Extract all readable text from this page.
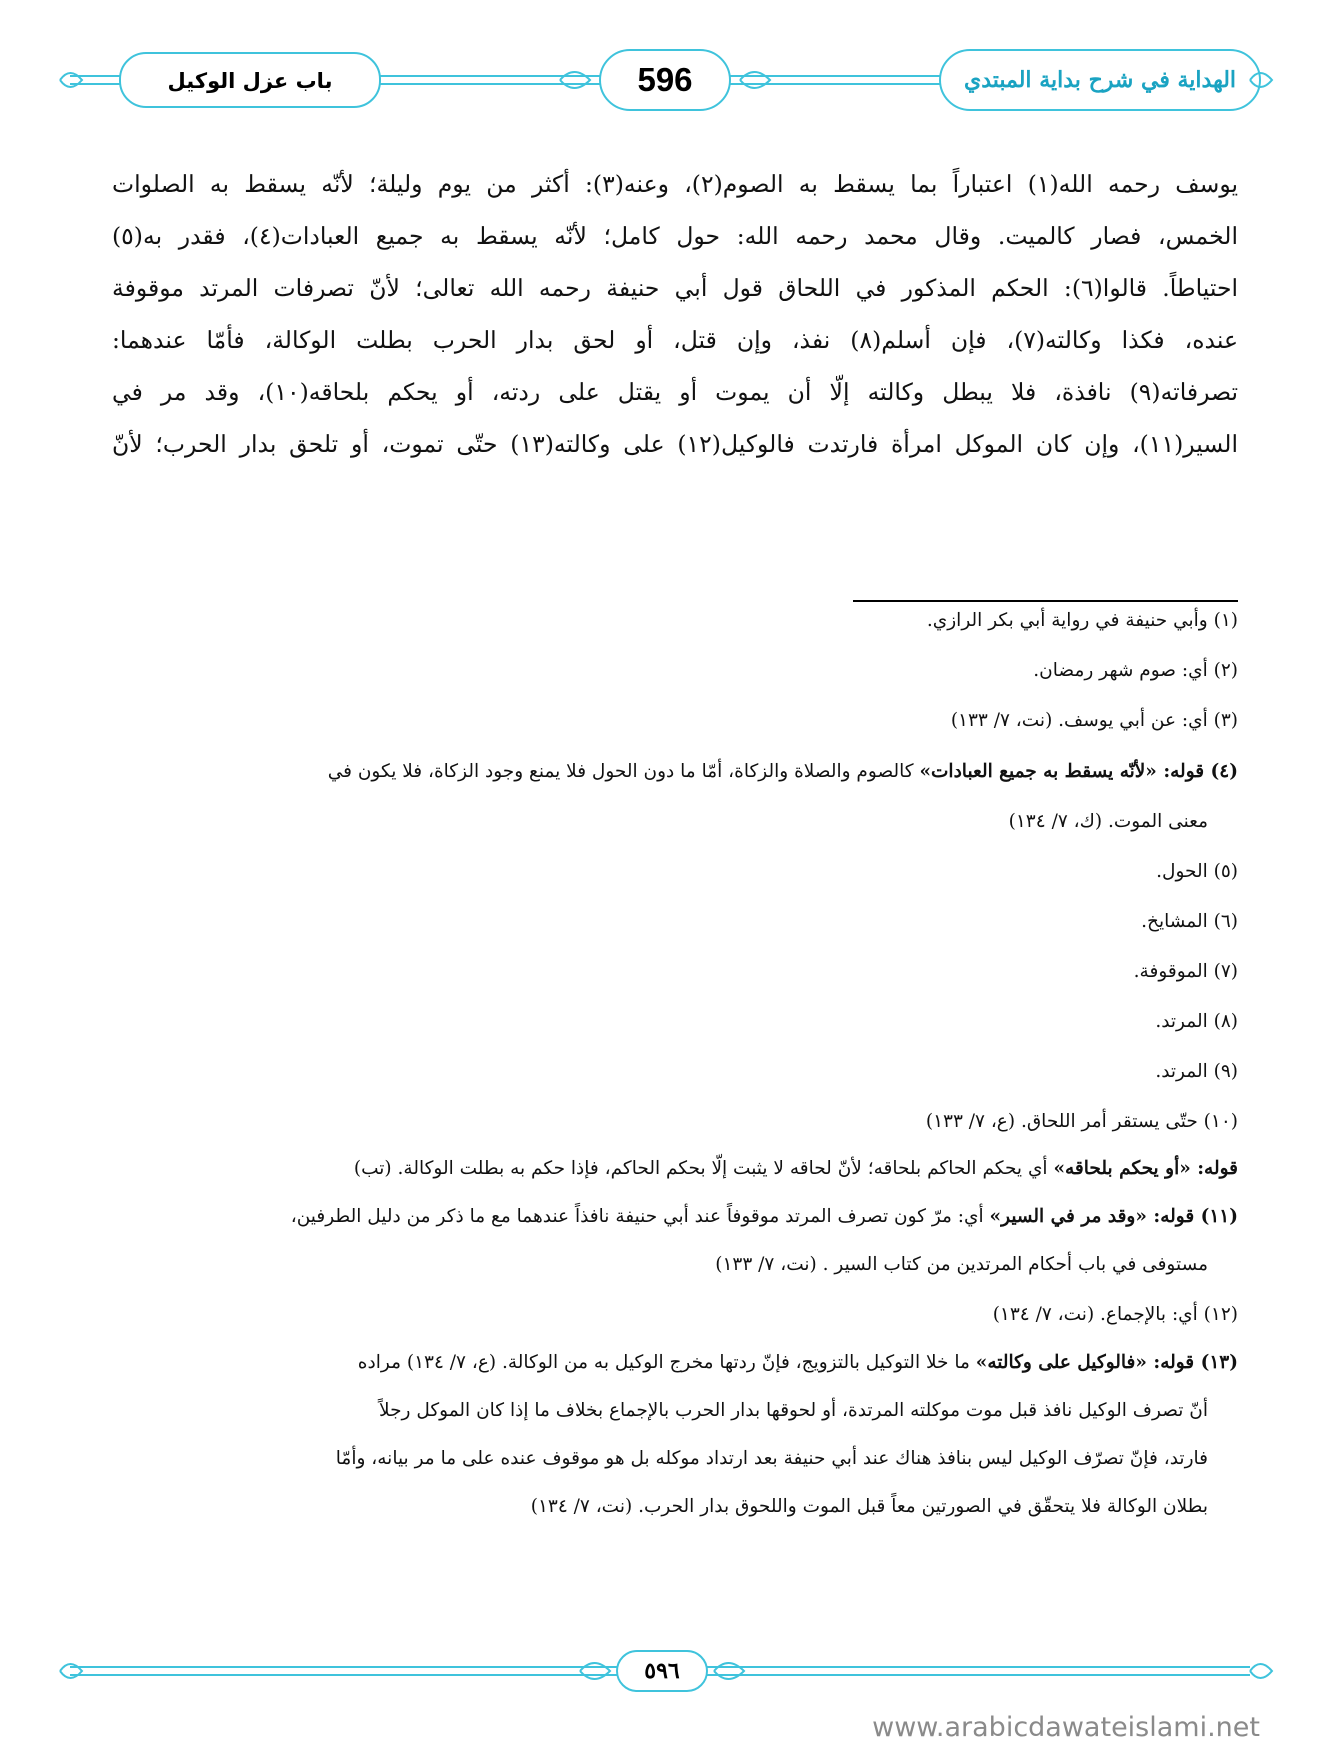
باب عزل الوكيل	596	الهداية في شرح بداية المبتدي
يوسف رحمه الله(١) اعتباراً بما يسقط به الصوم(٢)، وعنه(٣): أكثر من يوم وليلة؛ لأنّه يسقط به الصلوات
الخمس، فصار كالميت. وقال محمد رحمه الله: حول كامل؛ لأنّه يسقط به جميع العبادات(٤)، فقدر به(٥)
احتياطاً. قالوا(٦): الحكم المذكور في اللحاق قول أبي حنيفة رحمه الله تعالى؛ لأنّ تصرفات المرتد موقوفة
عنده، فكذا وكالته(٧)، فإن أسلم(٨) نفذ، وإن قتل، أو لحق بدار الحرب بطلت الوكالة، فأمّا عندهما:
تصرفاته(٩) نافذة، فلا يبطل وكالته إلّا أن يموت أو يقتل على ردته، أو يحكم بلحاقه(١٠)، وقد مر في
السير(١١)، وإن كان الموكل امرأة فارتدت فالوكيل(١٢) على وكالته(١٣) حتّى تموت، أو تلحق بدار الحرب؛ لأنّ
(١) وأبي حنيفة في رواية أبي بكر الرازي.
(٢) أي: صوم شهر رمضان.
(٣) أي: عن أبي يوسف. (نت، ٧/ ١٣٣)
(٤) قوله: «لأنّه يسقط به جميع العبادات» كالصوم والصلاة والزكاة، أمّا ما دون الحول فلا يمنع وجود الزكاة، فلا يكون في
معنى الموت. (ك، ٧/ ١٣٤)
(٥) الحول.
(٦) المشايخ.
(٧) الموقوفة.
(٨) المرتد.
(٩) المرتد.
(١٠) حتّى يستقر أمر اللحاق. (ع، ٧/ ١٣٣)
قوله: «أو يحكم بلحاقه» أي يحكم الحاكم بلحاقه؛ لأنّ لحاقه لا يثبت إلّا بحكم الحاكم، فإذا حكم به بطلت الوكالة. (تب)
(١١) قوله: «وقد مر في السير» أي: مرّ كون تصرف المرتد موقوفاً عند أبي حنيفة نافذاً عندهما مع ما ذكر من دليل الطرفين،
مستوفى في باب أحكام المرتدين من كتاب السير . (نت، ٧/ ١٣٣)
(١٢) أي: بالإجماع. (نت، ٧/ ١٣٤)
(١٣) قوله: «فالوكيل على وكالته» ما خلا التوكيل بالتزويج، فإنّ ردتها مخرج الوكيل به من الوكالة. (ع، ٧/ ١٣٤) مراده
أنّ تصرف الوكيل نافذ قبل موت موكلته المرتدة، أو لحوقها بدار الحرب بالإجماع بخلاف ما إذا كان الموكل رجلاً
فارتد، فإنّ تصرّف الوكيل ليس بنافذ هناك عند أبي حنيفة بعد ارتداد موكله بل هو موقوف عنده على ما مر بيانه، وأمّا
بطلان الوكالة فلا يتحقّق في الصورتين معاً قبل الموت واللحوق بدار الحرب. (نت، ٧/ ١٣٤)
٥٩٦
www.arabicdawateislami.net
